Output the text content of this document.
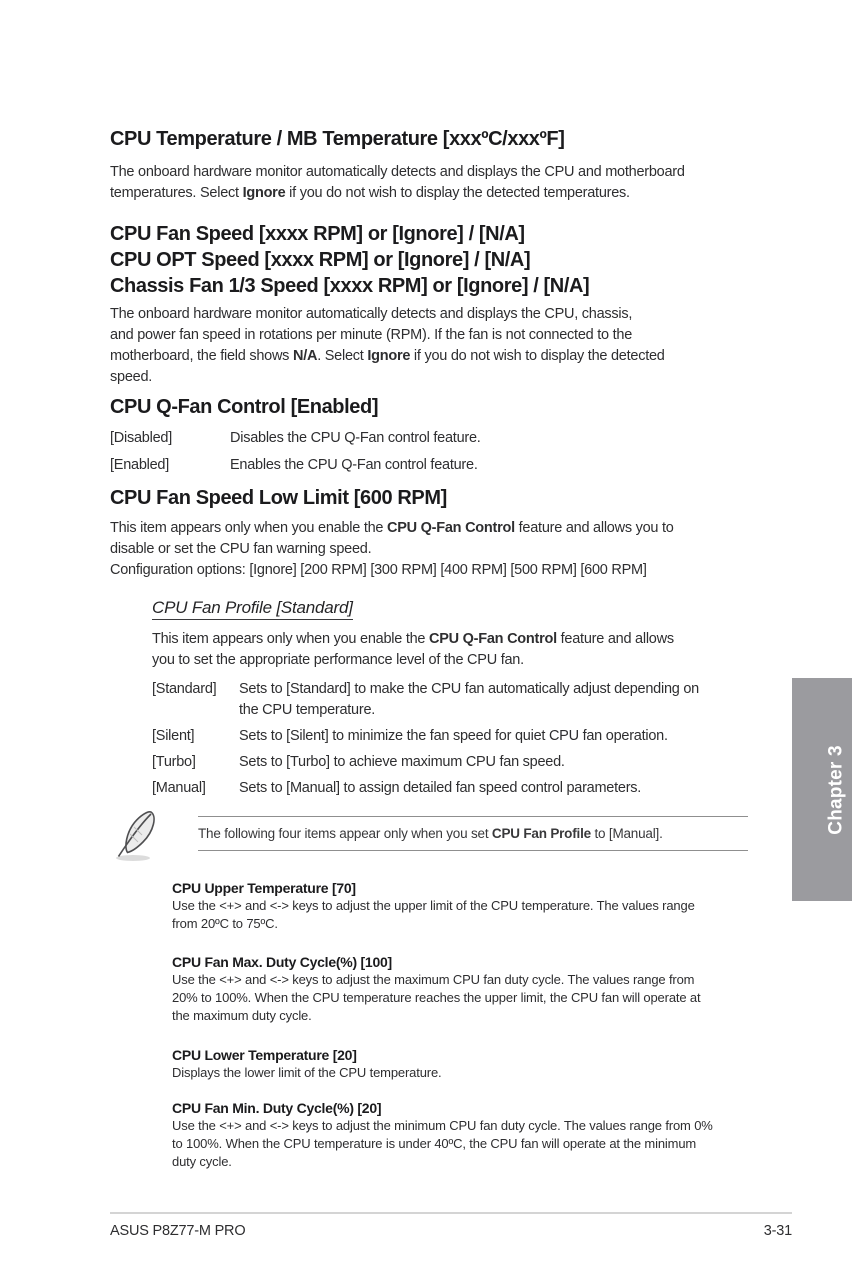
CPU Temperature / MB Temperature [xxxºC/xxxºF]
The onboard hardware monitor automatically detects and displays the CPU and motherboard
temperatures. Select Ignore if you do not wish to display the detected temperatures.
CPU Fan Speed [xxxx RPM] or [Ignore] / [N/A]
CPU OPT Speed [xxxx RPM] or [Ignore] / [N/A]
Chassis Fan 1/3 Speed [xxxx RPM] or [Ignore] / [N/A]
The onboard hardware monitor automatically detects and displays the CPU, chassis,
and power fan speed in rotations per minute (RPM). If the fan is not connected to the
motherboard, the field shows N/A. Select Ignore if you do not wish to display the detected
speed.
CPU Q-Fan Control [Enabled]
[Disabled]	Disables the CPU Q-Fan control feature.
[Enabled]	Enables the CPU Q-Fan control feature.
CPU Fan Speed Low Limit [600 RPM]
This item appears only when you enable the CPU Q-Fan Control feature and allows you to
disable or set the CPU fan warning speed.
Configuration options: [Ignore] [200 RPM] [300 RPM] [400 RPM] [500 RPM] [600 RPM]
CPU Fan Profile [Standard]
This item appears only when you enable the CPU Q-Fan Control feature and allows
you to set the appropriate performance level of the CPU fan.
[Standard]	Sets to [Standard] to make the CPU fan automatically adjust depending on
the CPU temperature.
[Silent]	Sets to [Silent] to minimize the fan speed for quiet CPU fan operation.
[Turbo]	Sets to [Turbo] to achieve maximum CPU fan speed.
[Manual]	Sets to [Manual] to assign detailed fan speed control parameters.
The following four items appear only when you set CPU Fan Profile to [Manual].
CPU Upper Temperature [70]
Use the <+> and <-> keys to adjust the upper limit of the CPU temperature. The values range
from 20ºC to 75ºC.
CPU Fan Max. Duty Cycle(%) [100]
Use the <+> and <-> keys to adjust the maximum CPU fan duty cycle. The values range from
20% to 100%. When the CPU temperature reaches the upper limit, the CPU fan will operate at
the maximum duty cycle.
CPU Lower Temperature [20]
Displays the lower limit of the CPU temperature.
CPU Fan Min. Duty Cycle(%) [20]
Use the <+> and <-> keys to adjust the minimum CPU fan duty cycle. The values range from 0%
to 100%. When the CPU temperature is under 40ºC, the CPU fan will operate at the minimum
duty cycle.
ASUS P8Z77-M PRO	3-31
Chapter 3
